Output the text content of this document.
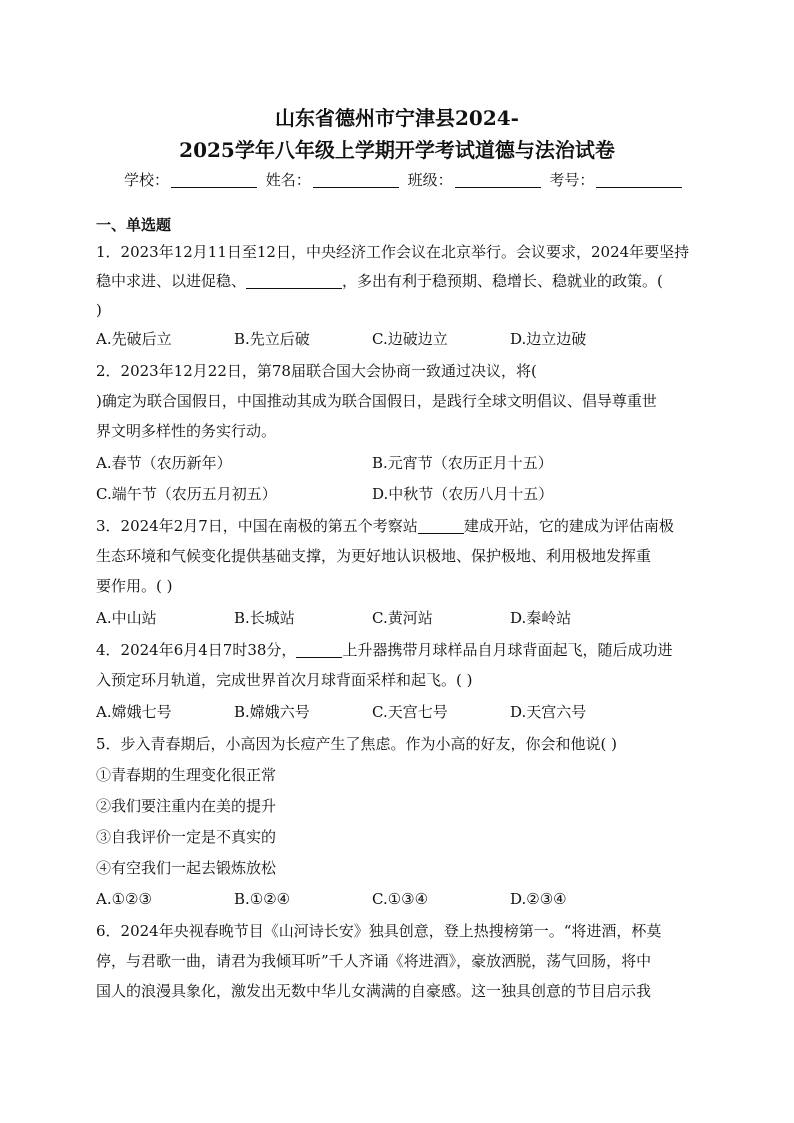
山东省德州市宁津县2024-
2025学年八年级上学期开学考试道德与法治试卷
学校：	姓名：	班级：	考号：
一、单选题
1．2023年12月11日至12日，中央经济工作会议在北京举行。会议要求，2024年要坚持
稳中求进、以进促稳、	，多出有利于稳预期、稳增长、稳就业的政策。(
)
A.先破后立	B.先立后破	C.边破边立	D.边立边破
2．2023年12月22日，第78届联合国大会协商一致通过决议，将(
)确定为联合国假日，中国推动其成为联合国假日，是践行全球文明倡议、倡导尊重世
界文明多样性的务实行动。
A.春节（农历新年）	B.元宵节（农历正月十五）
C.端午节（农历五月初五）	D.中秋节（农历八月十五）
3．2024年2月7日，中国在南极的第五个考察站	建成开站，它的建成为评估南极
生态环境和气候变化提供基础支撑，为更好地认识极地、保护极地、利用极地发挥重
要作用。( )
A.中山站	B.长城站	C.黄河站	D.秦岭站
4．2024年6月4日7时38分，	上升器携带月球样品自月球背面起飞，随后成功进
入预定环月轨道，完成世界首次月球背面采样和起飞。( )
A.嫦娥七号	B.嫦娥六号	C.天宫七号	D.天宫六号
5．步入青春期后，小高因为长痘产生了焦虑。作为小高的好友，你会和他说( )
①青春期的生理变化很正常
②我们要注重内在美的提升
③自我评价一定是不真实的
④有空我们一起去锻炼放松
A.①②③	B.①②④	C.①③④	D.②③④
6．2024年央视春晚节目《山河诗长安》独具创意，登上热搜榜第一。“将进酒，杯莫
停，与君歌一曲，请君为我倾耳听”千人齐诵《将进酒》，豪放洒脱，荡气回肠，将中
国人的浪漫具象化，激发出无数中华儿女满满的自豪感。这一独具创意的节目启示我
